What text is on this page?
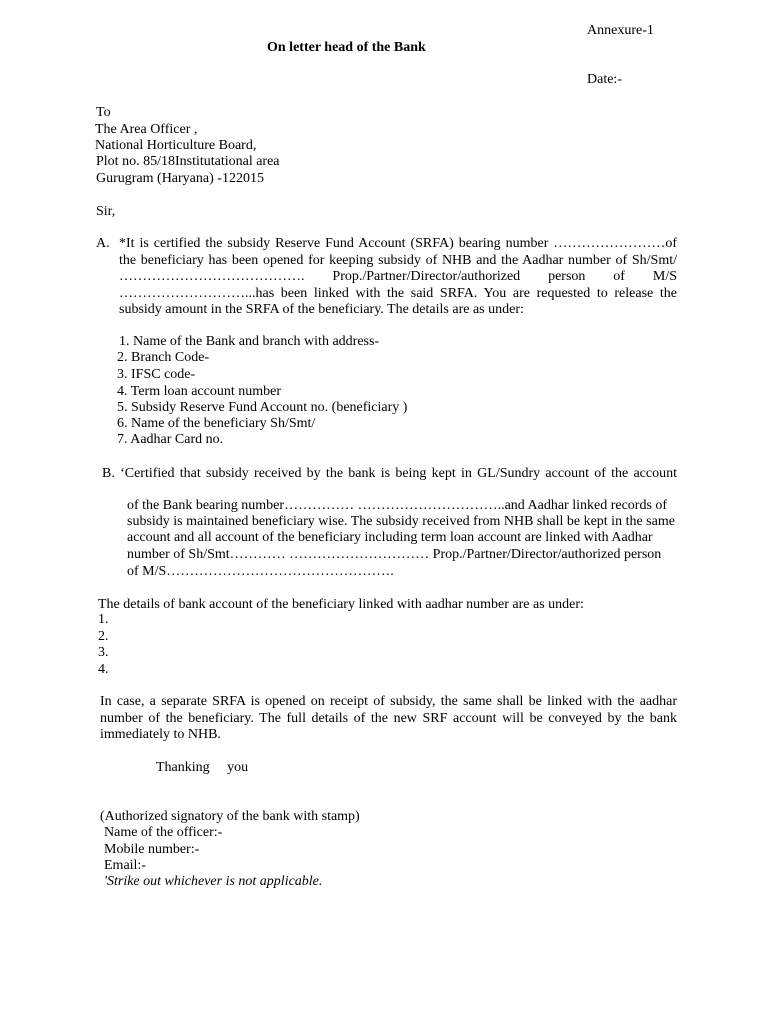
Annexure-1
On letter head of the Bank
Date:-
To
The Area Officer ,
National Horticulture Board,
Plot no. 85/18Institutational area
Gurugram (Haryana) -122015
Sir,
A. *It is certified the subsidy Reserve Fund Account (SRFA) bearing number ……………………of
the beneficiary has been opened for keeping subsidy of NHB and the Aadhar number of Sh/Smt/
…………………………………. Prop./Partner/Director/authorized person of M/S
………………………...has been linked with the said SRFA. You are requested to release the
subsidy amount in the SRFA of the beneficiary. The details are as under:
1. Name of the Bank and branch with address-
2. Branch Code-
3. IFSC code-
4. Term loan account number
5. Subsidy Reserve Fund Account no. (beneficiary )
6. Name of the beneficiary Sh/Smt/
7. Aadhar Card no.
B. ‘Certified that subsidy received by the bank is being kept in GL/Sundry account of the account
of the Bank bearing number…………… …………………………..and Aadhar linked records of
subsidy is maintained beneficiary wise. The subsidy received from NHB shall be kept in the same
account and all account of the beneficiary including term loan account are linked with Aadhar
number of Sh/Smt………… ………………………… Prop./Partner/Director/authorized person
of M/S………………………………………….
The details of bank account of the beneficiary linked with aadhar number are as under:
1.
2.
3.
4.
In case, a separate SRFA is opened on receipt of subsidy, the same shall be linked with the aadhar
number of the beneficiary. The full details of the new SRF account will be conveyed by the bank
immediately to NHB.
Thanking     you
(Authorized signatory of the bank with stamp)
Name of the officer:-
Mobile number:-
Email:-
'Strike out whichever is not applicable.
